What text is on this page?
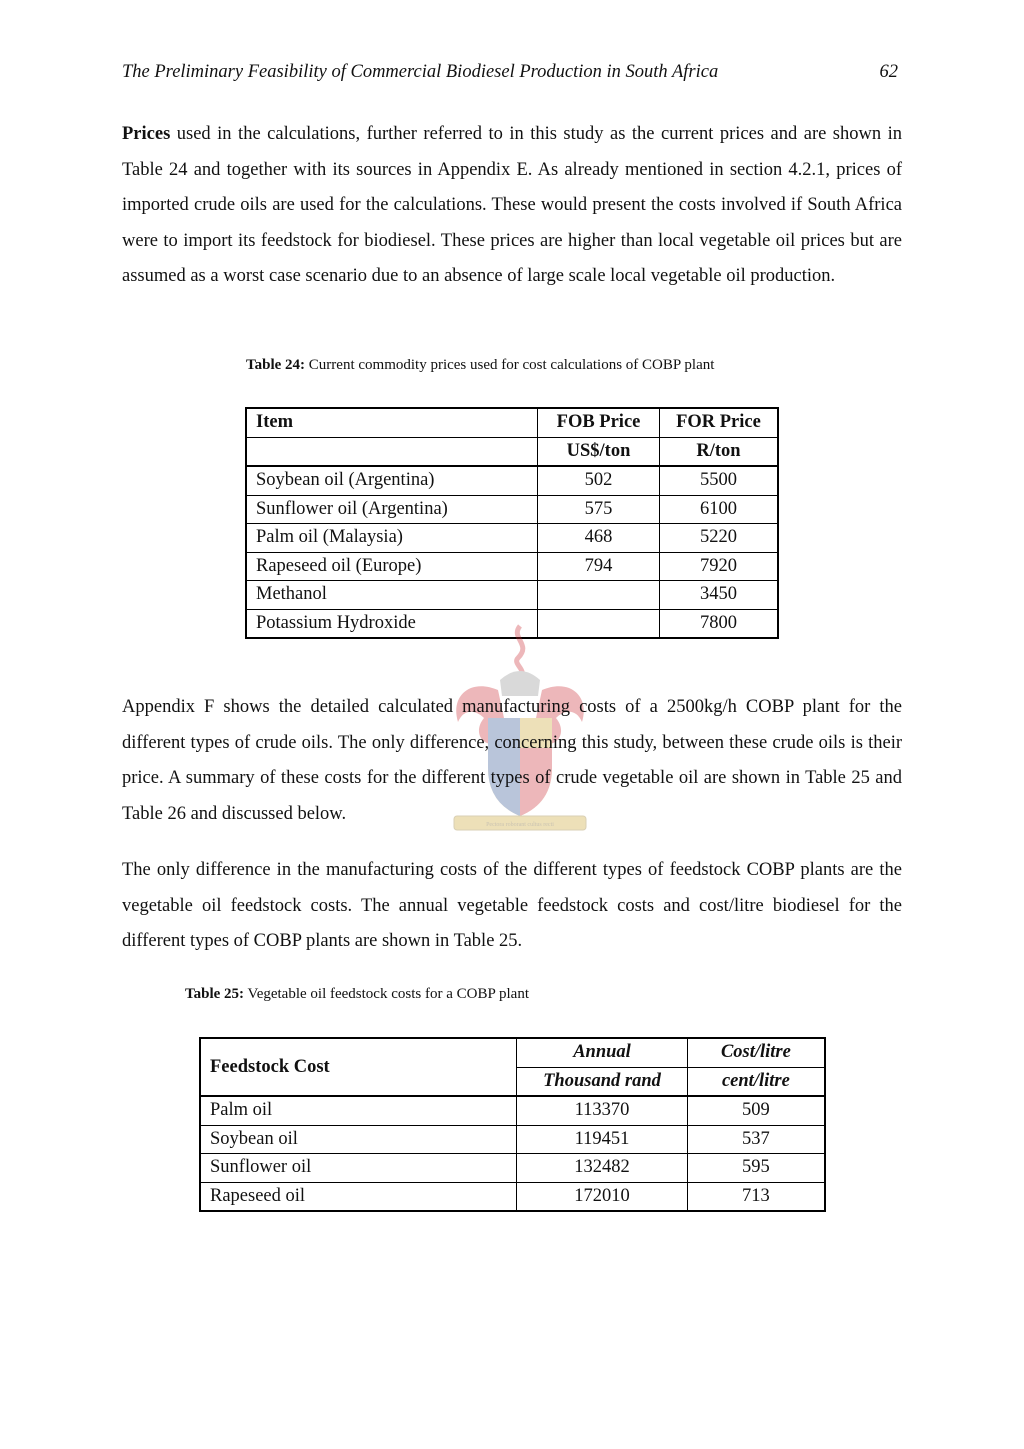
The Preliminary Feasibility of Commercial Biodiesel Production in South Africa	62

Prices used in the calculations, further referred to in this study as the current prices and are shown in Table 24 and together with its sources in Appendix E. As already mentioned in section 4.2.1, prices of imported crude oils are used for the calculations. These would present the costs involved if South Africa were to import its feedstock for biodiesel. These prices are higher than local vegetable oil prices but are assumed as a worst case scenario due to an absence of large scale local vegetable oil production.

Table 24: Current commodity prices used for cost calculations of COBP plant
Item	FOB Price	FOR Price
	US$/ton	R/ton
Soybean oil (Argentina)	502	5500
Sunflower oil (Argentina)	575	6100
Palm oil (Malaysia)	468	5220
Rapeseed oil (Europe)	794	7920
Methanol		3450
Potassium Hydroxide		7800
Pectora roborant cultus recti

Appendix F shows the detailed calculated manufacturing costs of a 2500kg/h COBP plant for the different types of crude oils. The only difference, concerning this study, between these crude oils is their price. A summary of these costs for the different types of crude vegetable oil are shown in Table 25 and Table 26 and discussed below.

The only difference in the manufacturing costs of the different types of feedstock COBP plants are the vegetable oil feedstock costs. The annual vegetable feedstock costs and cost/litre biodiesel for the different types of COBP plants are shown in Table 25.

Table 25: Vegetable oil feedstock costs for a COBP plant
Feedstock Cost	Annual	Cost/litre
	Thousand rand	cent/litre
Palm oil	113370	509
Soybean oil	119451	537
Sunflower oil	132482	595
Rapeseed oil	172010	713
